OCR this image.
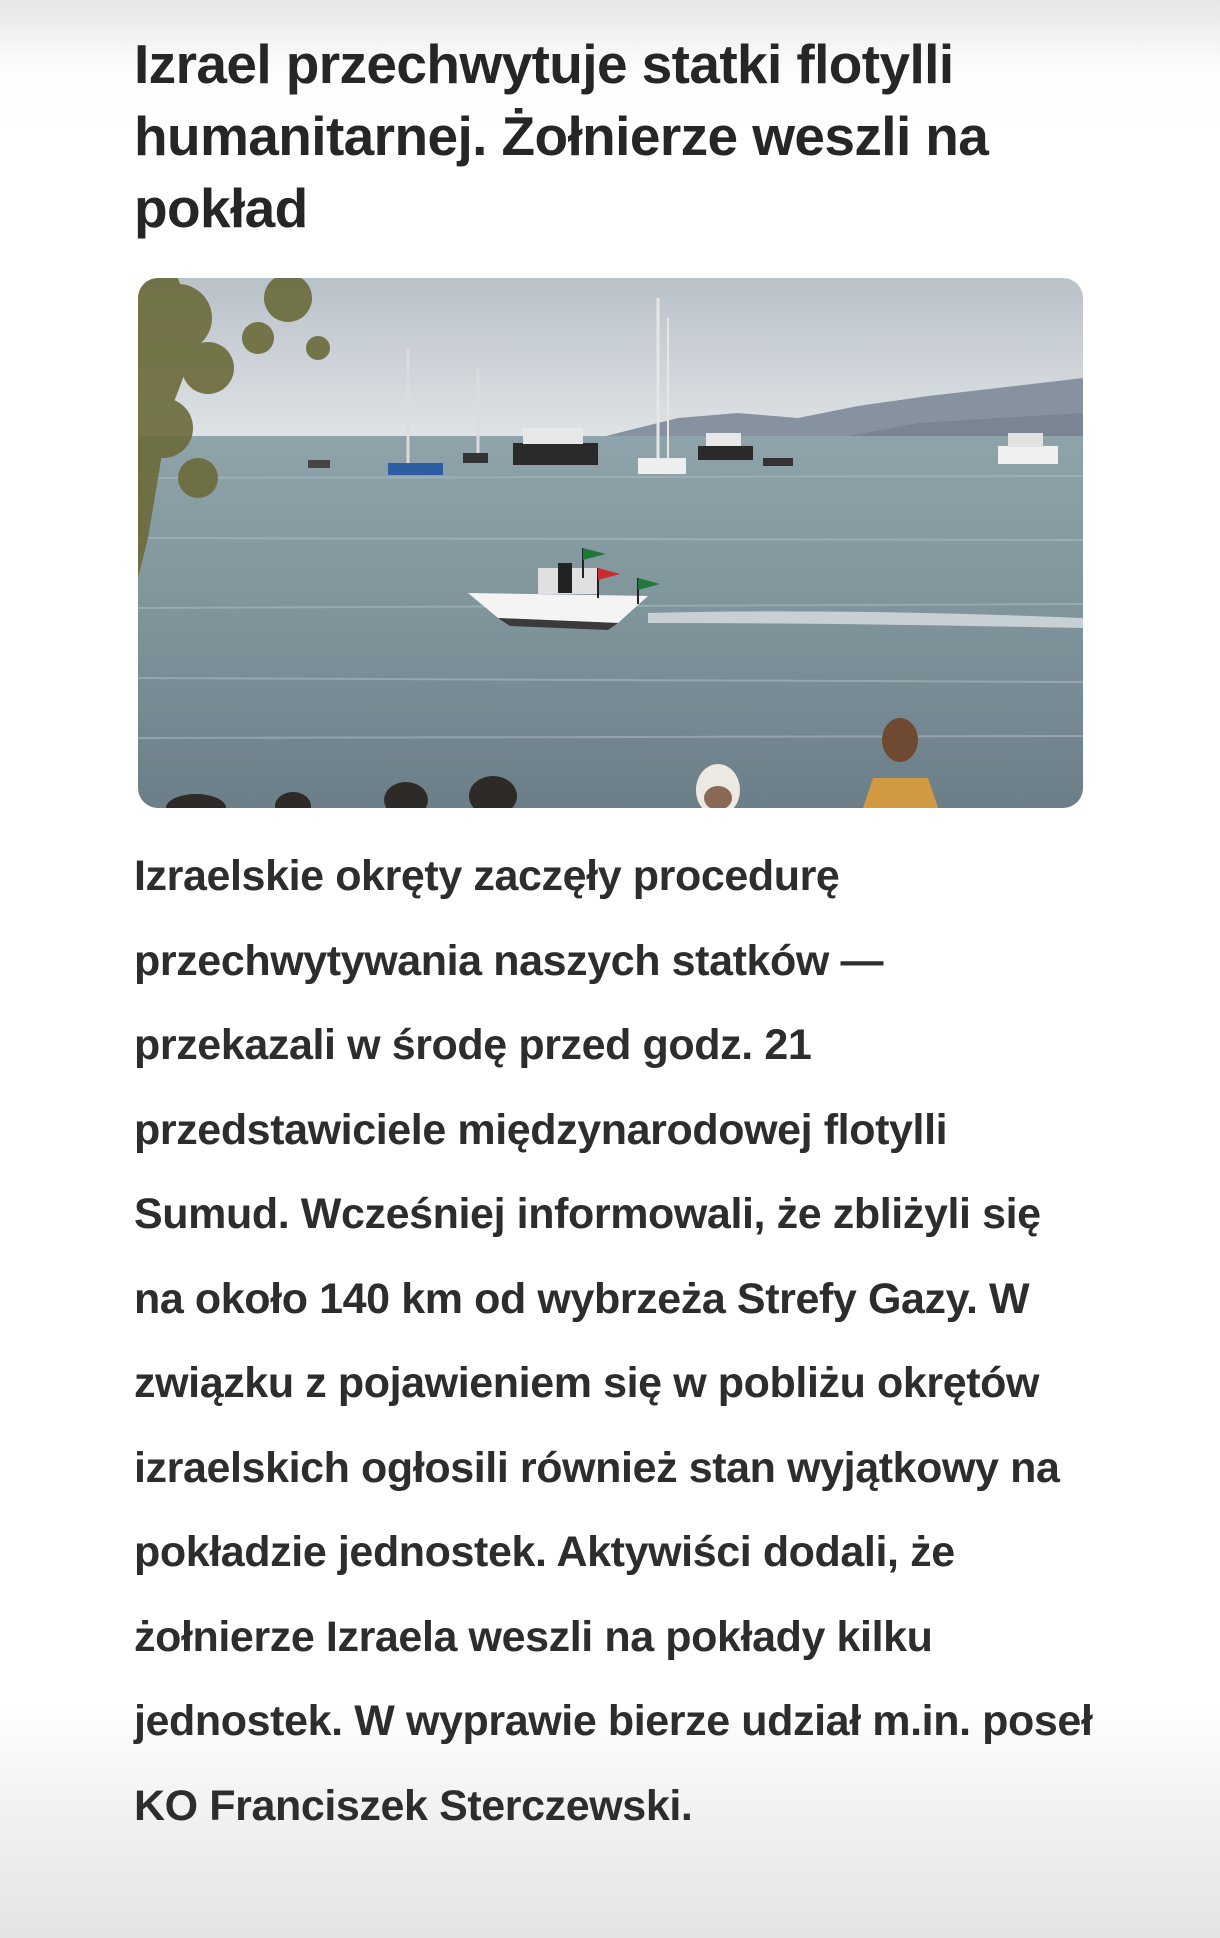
Izrael przechwytuje statki flotylli humanitarnej. Żołnierze weszli na pokład

Izraelskie okręty zaczęły procedurę przechwytywania naszych statków — przekazali w środę przed godz. 21 przedstawiciele międzynarodowej flotylli Sumud. Wcześniej informowali, że zbliżyli się na około 140 km od wybrzeża Strefy Gazy. W związku z pojawieniem się w pobliżu okrętów izraelskich ogłosili również stan wyjątkowy na pokładzie jednostek. Aktywiści dodali, że żołnierze Izraela weszli na pokłady kilku jednostek. W wyprawie bierze udział m.in. poseł KO Franciszek Sterczewski.
